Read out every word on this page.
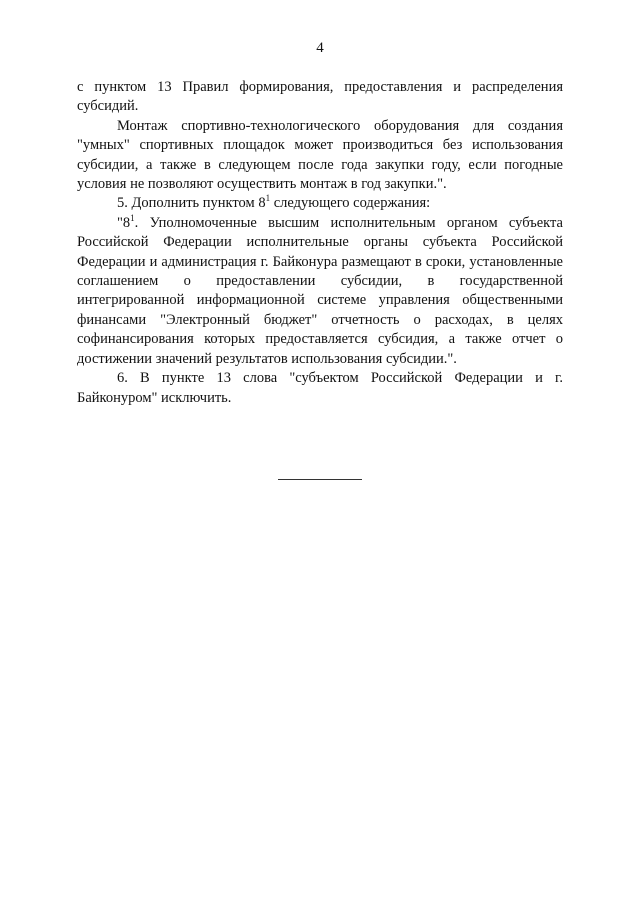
4

с пунктом 13 Правил формирования, предоставления и распределения субсидий.

Монтаж спортивно-технологического оборудования для создания "умных" спортивных площадок может производиться без использования субсидии, а также в следующем после года закупки году, если погодные условия не позволяют осуществить монтаж в год закупки.".

5. Дополнить пунктом $8^1$ следующего содержания:

"$8^1$. Уполномоченные высшим исполнительным органом субъекта Российской Федерации исполнительные органы субъекта Российской Федерации и администрация г. Байконура размещают в сроки, установленные соглашением о предоставлении субсидии, в государственной интегрированной информационной системе управления общественными финансами "Электронный бюджет" отчетность о расходах, в целях софинансирования которых предоставляется субсидия, а также отчет о достижении значений результатов использования субсидии.".

6. В пункте 13 слова "субъектом Российской Федерации и г. Байконуром" исключить.
